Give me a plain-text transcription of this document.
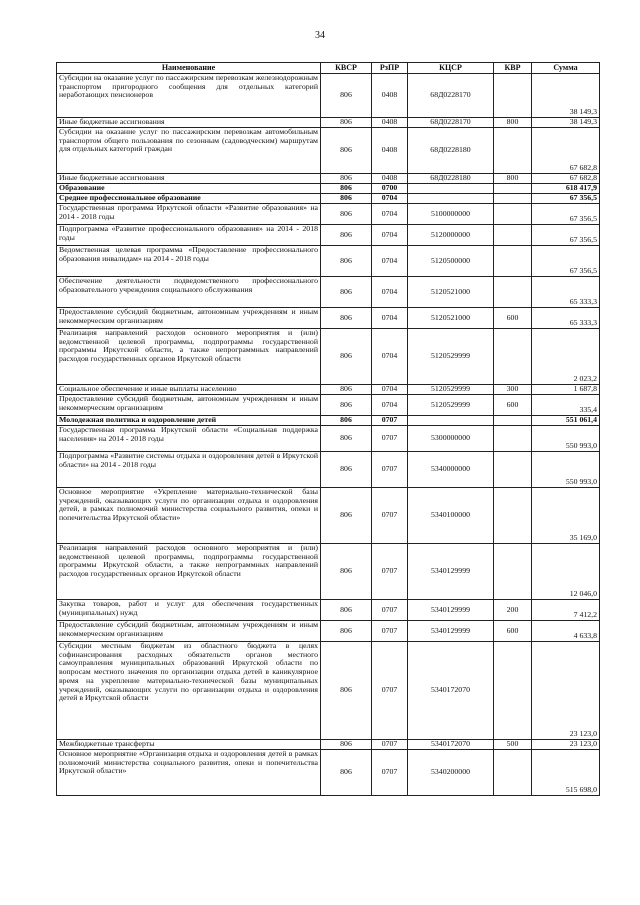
34
Наименование	КВСР	РзПР	КЦСР	КВР	Сумма
Субсидии на оказание услуг по пассажирским перевозкам железнодорожным транспортом пригородного сообщения для отдельных категорий неработающих пенсионеров	806	0408	68Д0228170		38 149,3
Иные бюджетные ассигнования	806	0408	68Д0228170	800	38 149,3
Субсидии на оказание услуг по пассажирским перевозкам автомобильным транспортом общего пользования по сезонным (садоводческим) маршрутам для отдельных категорий граждан	806	0408	68Д0228180		67 682,8
Иные бюджетные ассигнования	806	0408	68Д0228180	800	67 682,8
Образование	806	0700			618 417,9
Среднее профессиональное образование	806	0704			67 356,5
Государственная программа Иркутской области «Развитие образования» на 2014 - 2018 годы	806	0704	5100000000		67 356,5
Подпрограмма «Развитие профессионального образования» на 2014 - 2018 годы	806	0704	5120000000		67 356,5
Ведомственная целевая программа «Предоставление профессионального образования инвалидам» на 2014 - 2018 годы	806	0704	5120500000		67 356,5
Обеспечение деятельности подведомственного профессионального образовательного учреждения социального обслуживания	806	0704	5120521000		65 333,3
Предоставление субсидий бюджетным, автономным учреждениям и иным некоммерческим организациям	806	0704	5120521000	600	65 333,3
Реализация направлений расходов основного мероприятия и (или) ведомственной целевой программы, подпрограммы государственной программы Иркутской области, а также непрограммных направлений расходов государственных органов Иркутской области	806	0704	5120529999		2 023,2
Социальное обеспечение и иные выплаты населению	806	0704	5120529999	300	1 687,8
Предоставление субсидий бюджетным, автономным учреждениям и иным некоммерческим организациям	806	0704	5120529999	600	335,4
Молодежная политика и оздоровление детей	806	0707			551 061,4
Государственная программа Иркутской области «Социальная поддержка населения» на 2014 - 2018 годы	806	0707	5300000000		550 993,0
Подпрограмма «Развитие системы отдыха и оздоровления детей в Иркутской области» на 2014 - 2018 годы	806	0707	5340000000		550 993,0
Основное мероприятие «Укрепление материально-технической базы учреждений, оказывающих услуги по организации отдыха и оздоровления детей, в рамках полномочий министерства социального развития, опеки и попечительства Иркутской области»	806	0707	5340100000		35 169,0
Реализация направлений расходов основного мероприятия и (или) ведомственной целевой программы, подпрограммы государственной программы Иркутской области, а также непрограммных направлений расходов государственных органов Иркутской области	806	0707	5340129999		12 046,0
Закупка товаров, работ и услуг для обеспечения государственных (муниципальных) нужд	806	0707	5340129999	200	7 412,2
Предоставление субсидий бюджетным, автономным учреждениям и иным некоммерческим организациям	806	0707	5340129999	600	4 633,8
Субсидии местным бюджетам из областного бюджета в целях софинансирования расходных обязательств органов местного самоуправления муниципальных образований Иркутской области по вопросам местного значения по организации отдыха детей в каникулярное время на укрепление материально-технической базы муниципальных учреждений, оказывающих услуги по организации отдыха и оздоровления детей в Иркутской области	806	0707	5340172070		23 123,0
Межбюджетные трансферты	806	0707	5340172070	500	23 123,0
Основное мероприятие «Организация отдыха и оздоровления детей в рамках полномочий министерства социального развития, опеки и попечительства Иркутской области»	806	0707	5340200000		515 698,0
